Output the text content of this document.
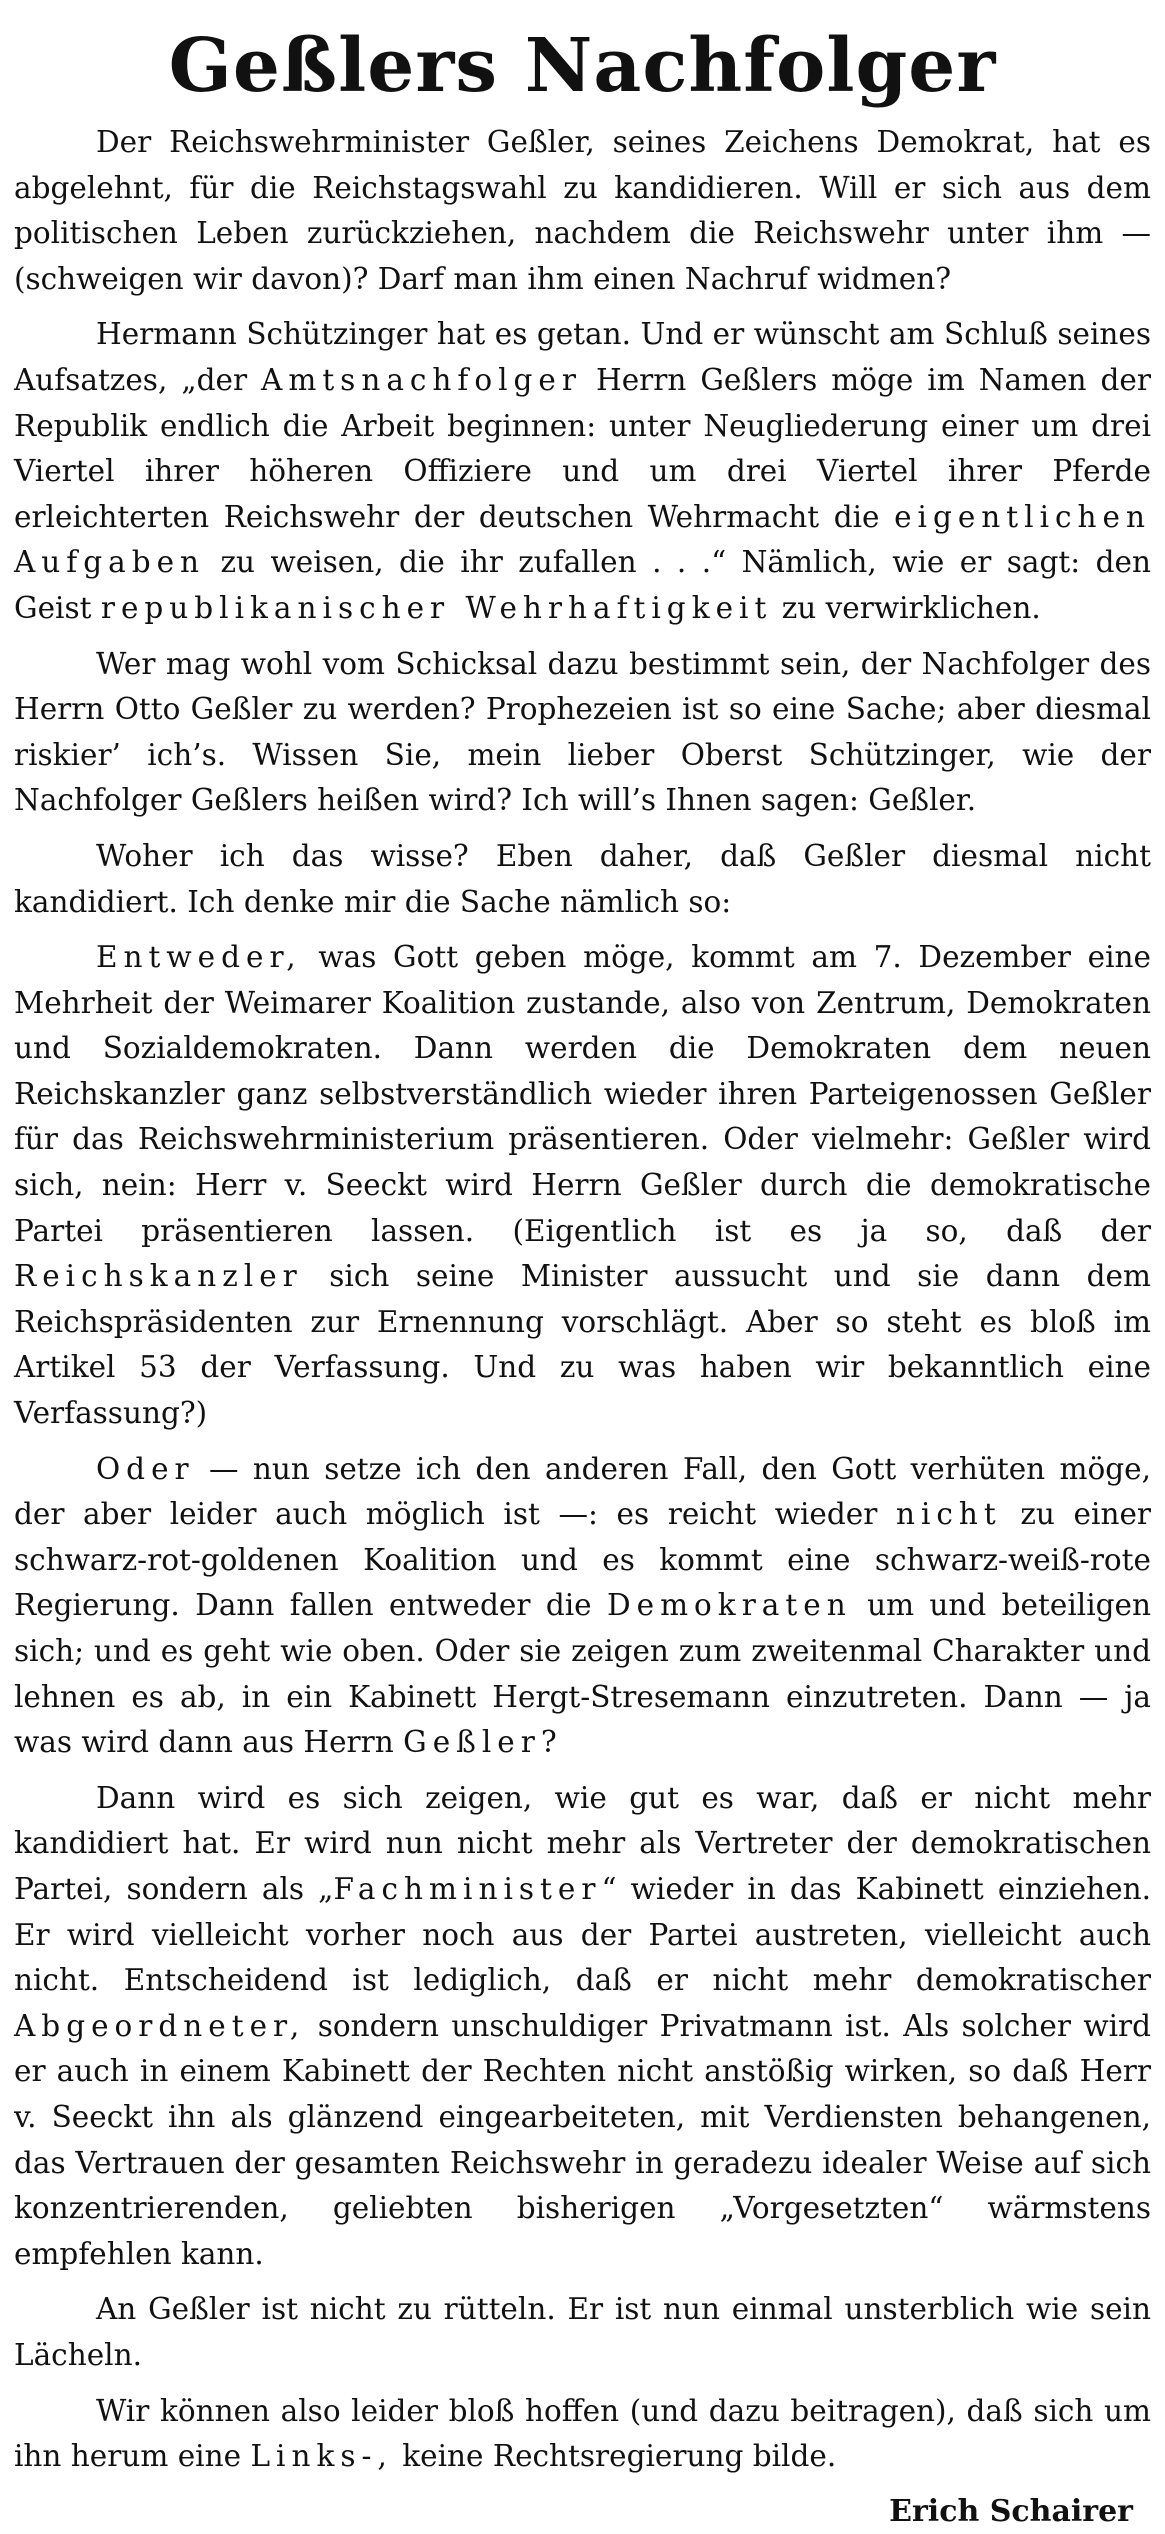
Geßlers Nachfolger

Der Reichswehrminister Geßler, seines Zeichens Demokrat, hat es abgelehnt, für die Reichstagswahl zu kandidieren. Will er sich aus dem politischen Leben zurückziehen, nachdem die Reichswehr unter ihm — (schweigen wir davon)? Darf man ihm einen Nachruf widmen?

Hermann Schützinger hat es getan. Und er wünscht am Schluß seines Aufsatzes, „der Amtsnachfolger Herrn Geßlers möge im Namen der Republik endlich die Arbeit beginnen: unter Neugliederung einer um drei Viertel ihrer höheren Offiziere und um drei Viertel ihrer Pferde erleichterten Reichswehr der deutschen Wehrmacht die eigentlichen Aufgaben zu weisen, die ihr zufallen . . .“ Nämlich, wie er sagt: den Geist republikanischer Wehrhaftigkeit zu verwirklichen.

Wer mag wohl vom Schicksal dazu bestimmt sein, der Nachfolger des Herrn Otto Geßler zu werden? Prophezeien ist so eine Sache; aber diesmal riskier’ ich’s. Wissen Sie, mein lieber Oberst Schützinger, wie der Nachfolger Geßlers heißen wird? Ich will’s Ihnen sagen: Geßler.

Woher ich das wisse? Eben daher, daß Geßler diesmal nicht kandidiert. Ich denke mir die Sache nämlich so:

Entweder, was Gott geben möge, kommt am 7. Dezember eine Mehrheit der Weimarer Koalition zustande, also von Zentrum, Demokraten und Sozialdemokraten. Dann werden die Demokraten dem neuen Reichskanzler ganz selbstverständlich wieder ihren Parteigenossen Geßler für das Reichswehrministerium präsentieren. Oder vielmehr: Geßler wird sich, nein: Herr v. Seeckt wird Herrn Geßler durch die demokratische Partei präsentieren lassen. (Eigentlich ist es ja so, daß der Reichskanzler sich seine Minister aussucht und sie dann dem Reichspräsidenten zur Ernennung vorschlägt. Aber so steht es bloß im Artikel 53 der Verfassung. Und zu was haben wir bekanntlich eine Verfassung?)

Oder — nun setze ich den anderen Fall, den Gott verhüten möge, der aber leider auch möglich ist —: es reicht wieder nicht zu einer schwarz-rot-goldenen Koalition und es kommt eine schwarz-weiß-rote Regierung. Dann fallen entweder die Demokraten um und beteiligen sich; und es geht wie oben. Oder sie zeigen zum zweitenmal Charakter und lehnen es ab, in ein Kabinett Hergt-Stresemann einzutreten. Dann — ja was wird dann aus Herrn Geßler?

Dann wird es sich zeigen, wie gut es war, daß er nicht mehr kandidiert hat. Er wird nun nicht mehr als Vertreter der demokratischen Partei, sondern als „Fachminister“ wieder in das Kabinett einziehen. Er wird vielleicht vorher noch aus der Partei austreten, vielleicht auch nicht. Entscheidend ist lediglich, daß er nicht mehr demokratischer Abgeordneter, sondern unschuldiger Privatmann ist. Als solcher wird er auch in einem Kabinett der Rechten nicht anstößig wirken, so daß Herr v. Seeckt ihn als glänzend eingearbeiteten, mit Verdiensten behangenen, das Vertrauen der gesamten Reichswehr in geradezu idealer Weise auf sich konzentrierenden, geliebten bisherigen „Vorgesetzten“ wärmstens empfehlen kann.

An Geßler ist nicht zu rütteln. Er ist nun einmal unsterblich wie sein Lächeln.

Wir können also leider bloß hoffen (und dazu beitragen), daß sich um ihn herum eine Links-, keine Rechtsregierung bilde.

Erich Schairer
